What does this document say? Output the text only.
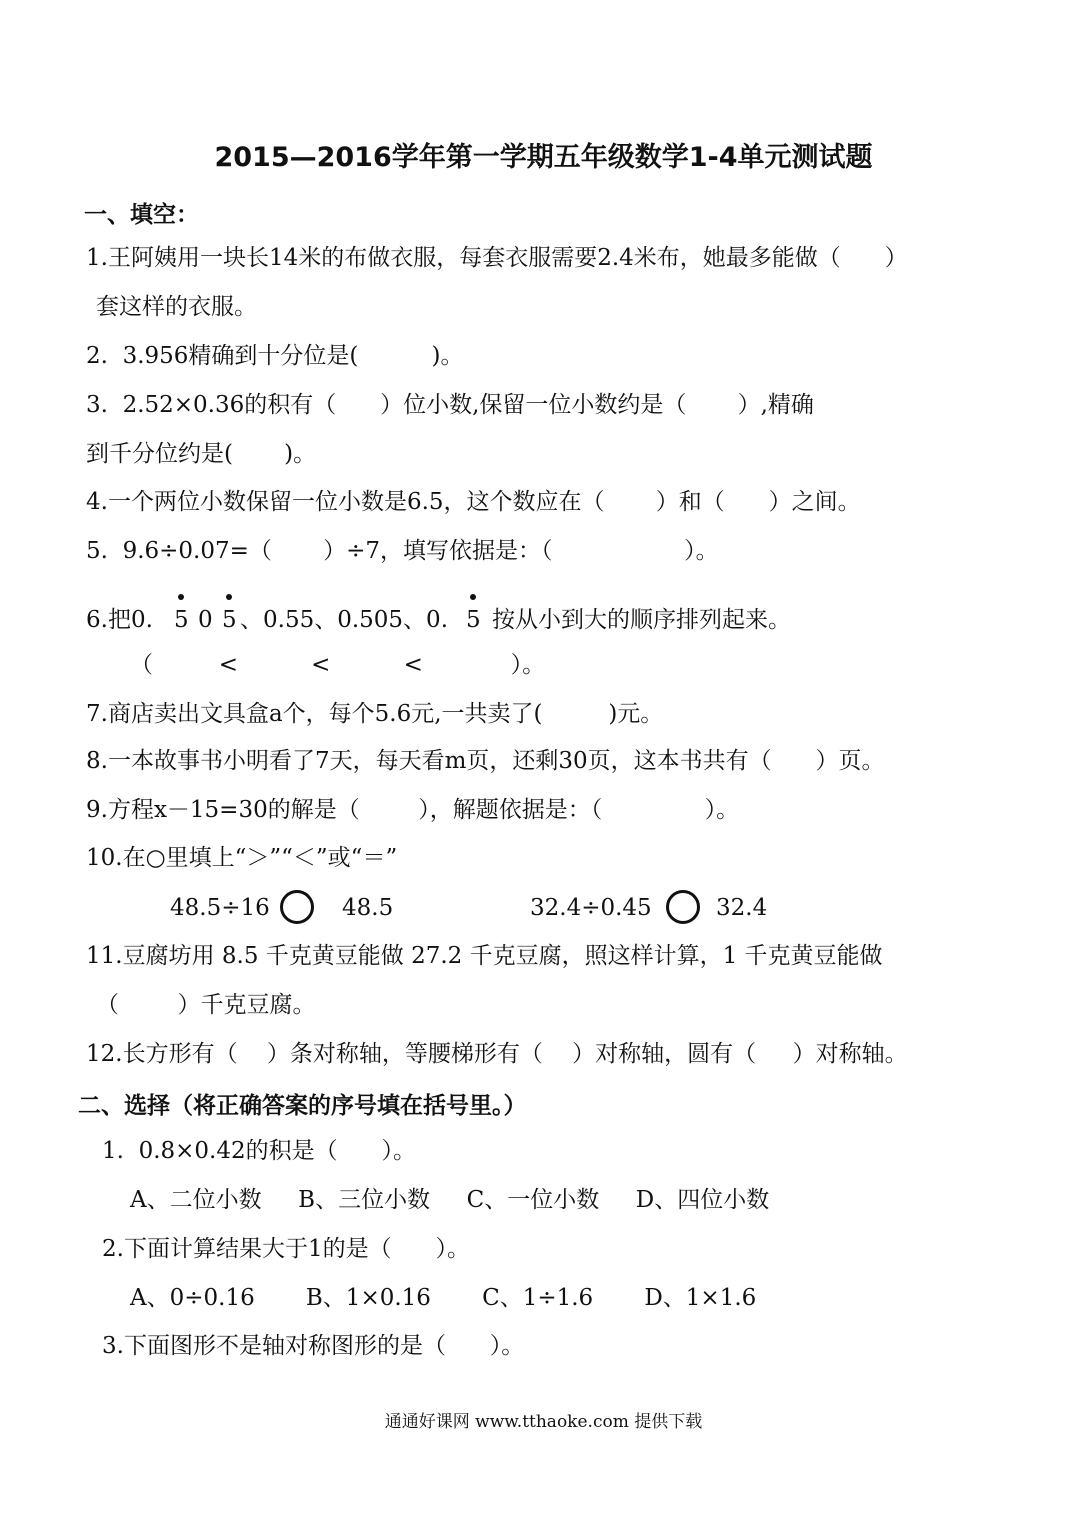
2015—2016学年第一学期五年级数学1-4单元测试题
一、填空：
1.王阿姨用一块长14米的布做衣服，每套衣服需要2.4米布，她最多能做（      ）
套这样的衣服。
2.  3.956精确到十分位是(          )。
3.  2.52×0.36的积有（      ）位小数,保留一位小数约是（       ）,精确
到千分位约是(       )。
4.一个两位小数保留一位小数是6.5，这个数应在（       ）和（      ）之间。
5.  9.6÷0.07=（       ）÷7，填写依据是：（                  ）。
6.把0. 5 0 5 、0.55、0.505、0. 5 按从小到大的顺序排列起来。
（         <          <          <            ）。
7.商店卖出文具盒a个，每个5.6元,一共卖了(         )元。
8.一本故事书小明看了7天，每天看m页，还剩30页，这本书共有（      ）页。
9.方程x－15=30的解是（        ），解题依据是：（              ）。
10.在○里填上“＞”“＜”或“＝”
48.5÷16	48.5	32.4÷0.45	32.4
11.豆腐坊用 8.5 千克黄豆能做 27.2 千克豆腐，照这样计算，1 千克黄豆能做
（        ）千克豆腐。
12.长方形有（    ）条对称轴，等腰梯形有（    ）对称轴，圆有（     ）对称轴。
二、选择（将正确答案的序号填在括号里。）
1.  0.8×0.42的积是（      ）。
A、二位小数     B、三位小数     C、一位小数     D、四位小数
2.下面计算结果大于1的是（      ）。
A、0÷0.16       B、1×0.16       C、1÷1.6       D、1×1.6
3.下面图形不是轴对称图形的是（      ）。
通通好课网 www.tthaoke.com 提供下载
